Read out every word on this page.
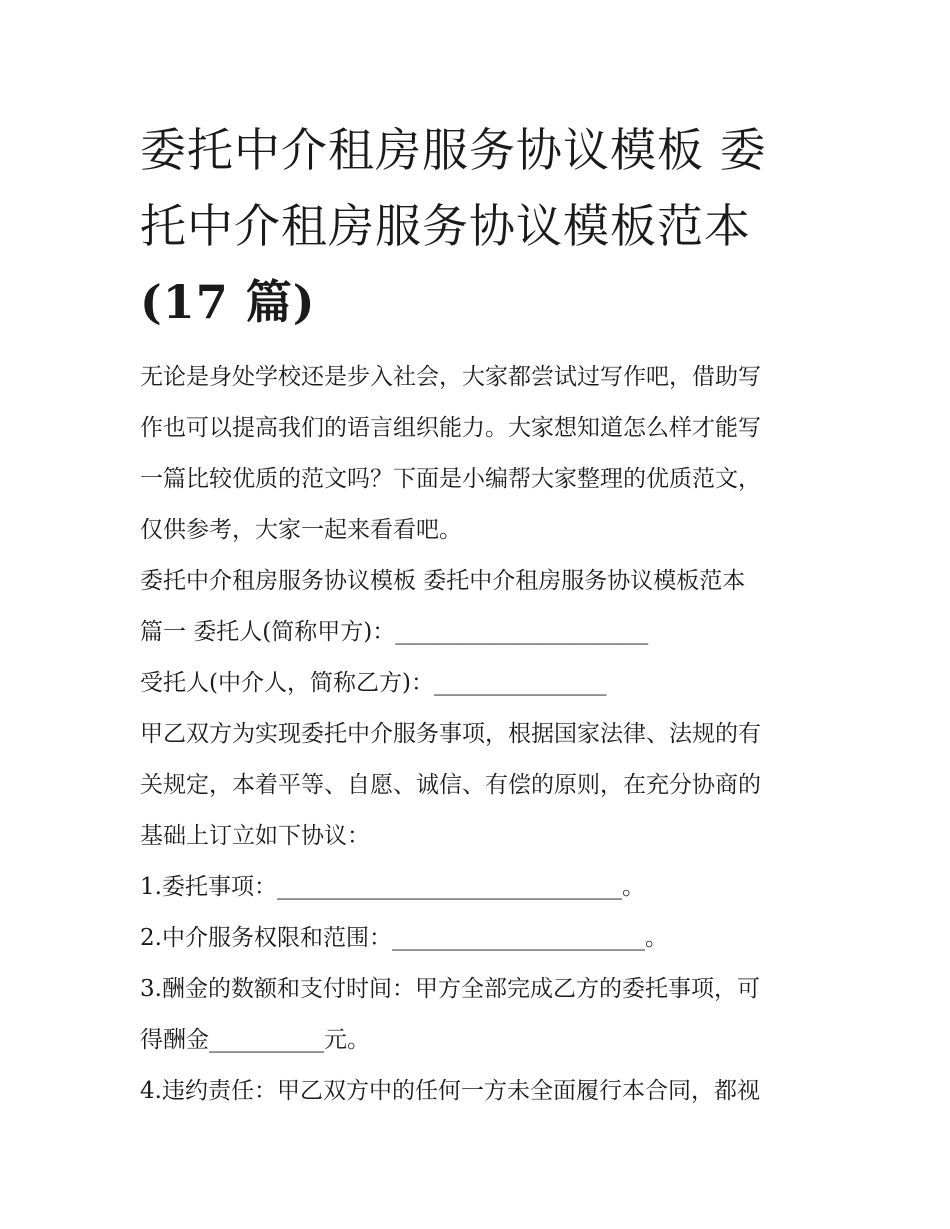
委托中介租房服务协议模板 委
托中介租房服务协议模板范本
(17 篇)

无论是身处学校还是步入社会，大家都尝试过写作吧，借助写

作也可以提高我们的语言组织能力。大家想知道怎么样才能写

一篇比较优质的范文吗？下面是小编帮大家整理的优质范文，

仅供参考，大家一起来看看吧。

委托中介租房服务协议模板 委托中介租房服务协议模板范本

篇一 委托人(简称甲方)：______________________

受托人(中介人，简称乙方)：_______________

甲乙双方为实现委托中介服务事项，根据国家法律、法规的有

关规定，本着平等、自愿、诚信、有偿的原则，在充分协商的

基础上订立如下协议：

1.委托事项：______________________________。

2.中介服务权限和范围：______________________。

3.酬金的数额和支付时间：甲方全部完成乙方的委托事项，可

得酬金__________元。

4.违约责任：甲乙双方中的任何一方未全面履行本合同，都视
